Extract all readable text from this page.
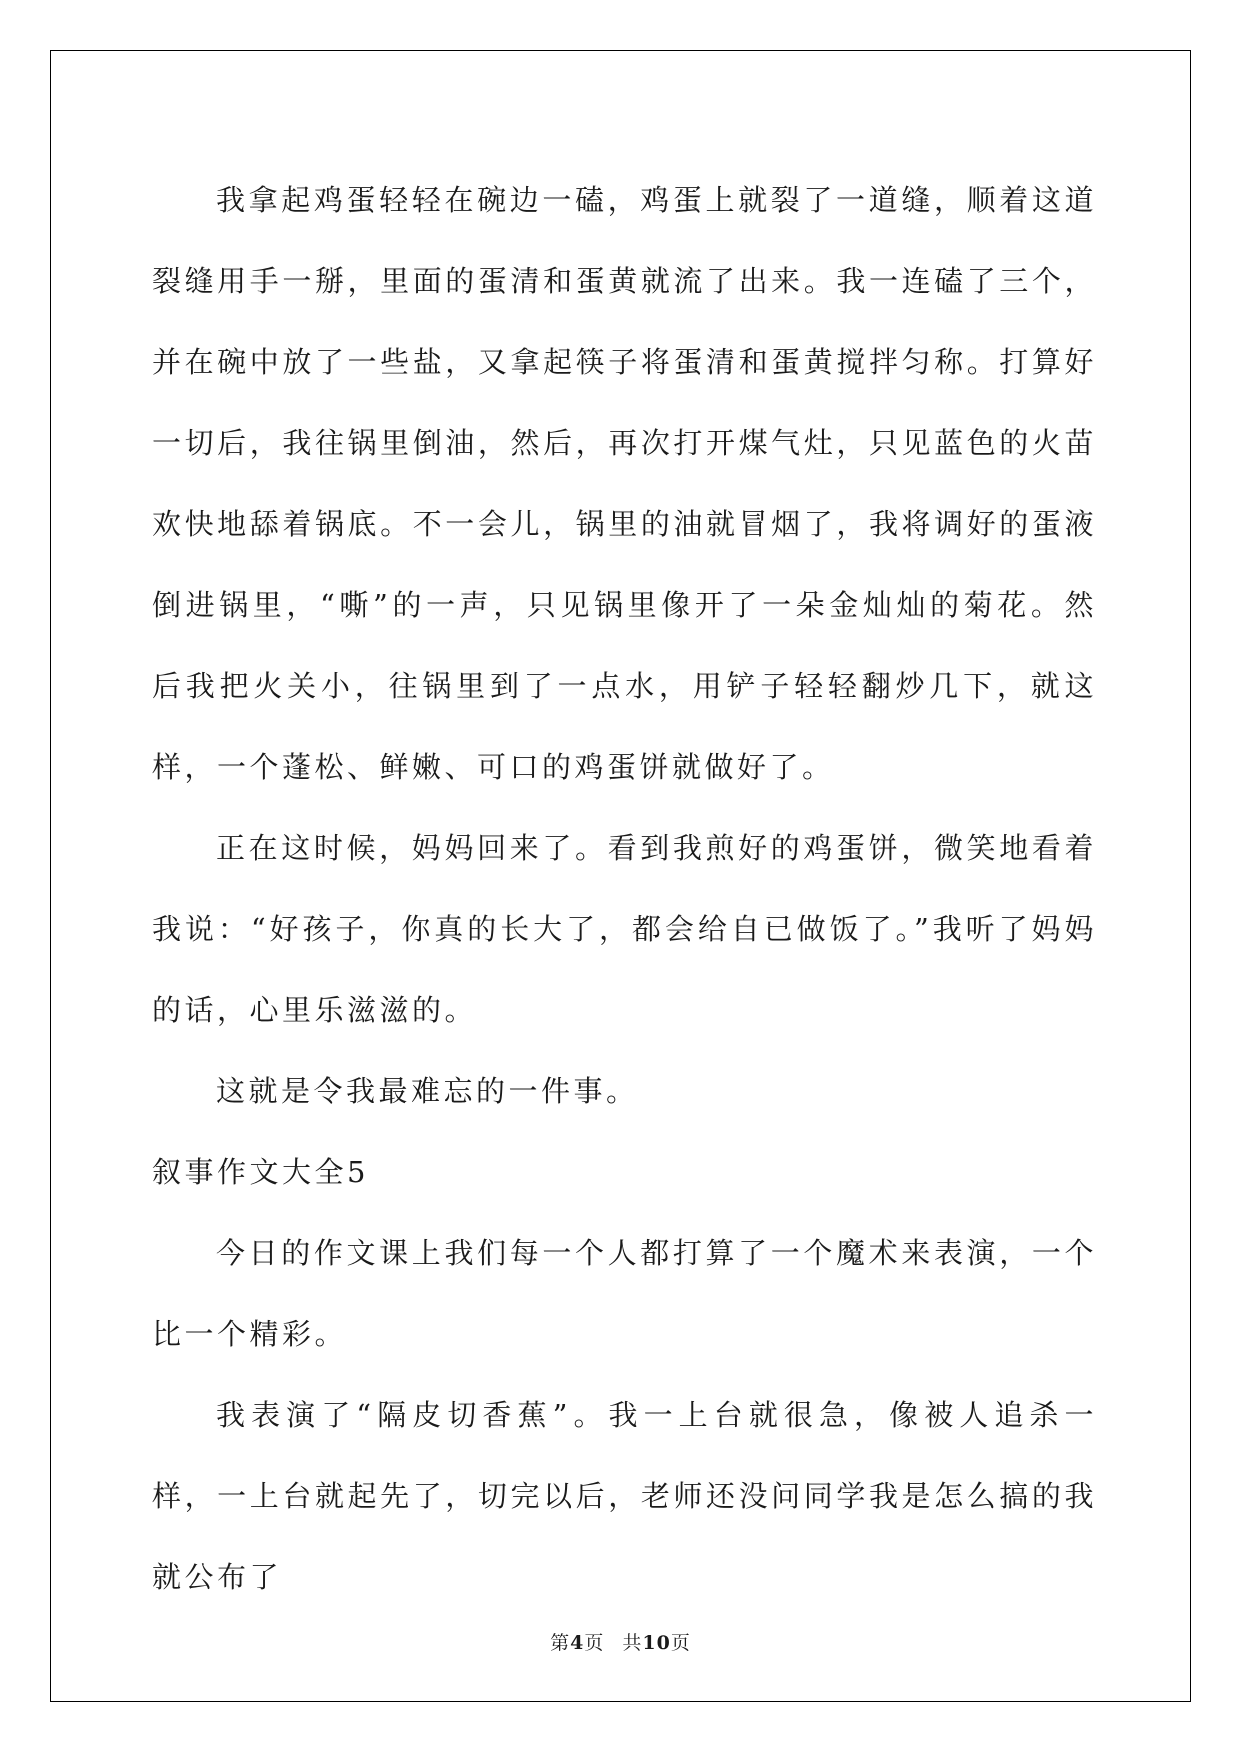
我拿起鸡蛋轻轻在碗边一磕，鸡蛋上就裂了一道缝，顺着这道裂缝用手一掰，里面的蛋清和蛋黄就流了出来。我一连磕了三个，并在碗中放了一些盐，又拿起筷子将蛋清和蛋黄搅拌匀称。打算好一切后，我往锅里倒油，然后，再次打开煤气灶，只见蓝色的火苗欢快地舔着锅底。不一会儿，锅里的油就冒烟了，我将调好的蛋液倒进锅里，“嘶”的一声，只见锅里像开了一朵金灿灿的菊花。然后我把火关小，往锅里到了一点水，用铲子轻轻翻炒几下，就这样，一个蓬松、鲜嫩、可口的鸡蛋饼就做好了。

正在这时候，妈妈回来了。看到我煎好的鸡蛋饼，微笑地看着我说：“好孩子，你真的长大了，都会给自已做饭了。”我听了妈妈的话，心里乐滋滋的。

这就是令我最难忘的一件事。

叙事作文大全5

今日的作文课上我们每一个人都打算了一个魔术来表演，一个比一个精彩。

我表演了“隔皮切香蕉”。我一上台就很急，像被人追杀一样，一上台就起先了，切完以后，老师还没问同学我是怎么搞的我就公布了

第4页 共10页
